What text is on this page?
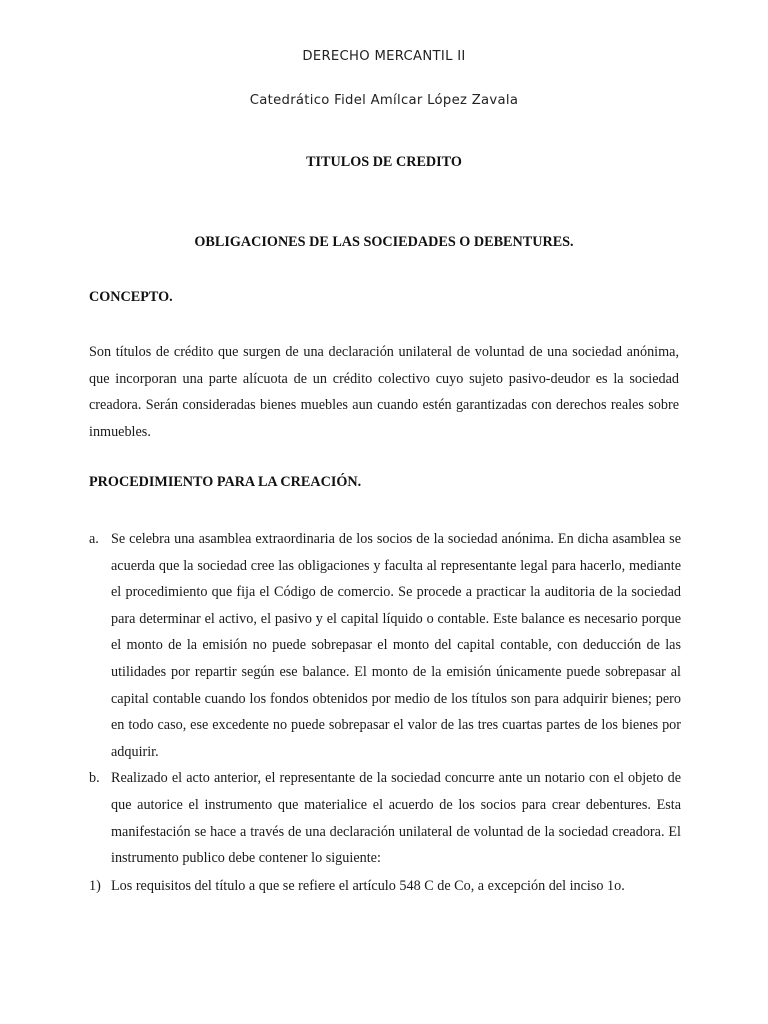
DERECHO MERCANTIL II
Catedrático Fidel Amílcar López Zavala
TITULOS DE CREDITO
OBLIGACIONES DE LAS SOCIEDADES O DEBENTURES.
CONCEPTO.
Son títulos de crédito que surgen de una declaración unilateral de voluntad de una sociedad anónima, que incorporan una parte alícuota de un crédito colectivo cuyo sujeto pasivo-deudor es la sociedad creadora. Serán consideradas bienes muebles aun cuando estén garantizadas con derechos reales sobre inmuebles.
PROCEDIMIENTO PARA LA CREACIÓN.
a. Se celebra una asamblea extraordinaria de los socios de la sociedad anónima. En dicha asamblea se acuerda que la sociedad cree las obligaciones y faculta al representante legal para hacerlo, mediante el procedimiento que fija el Código de comercio. Se procede a practicar la auditoria de la sociedad para determinar el activo, el pasivo y el capital líquido o contable. Este balance es necesario porque el monto de la emisión no puede sobrepasar el monto del capital contable, con deducción de las utilidades por repartir según ese balance. El monto de la emisión únicamente puede sobrepasar al capital contable cuando los fondos obtenidos por medio de los títulos son para adquirir bienes; pero en todo caso, ese excedente no puede sobrepasar el valor de las tres cuartas partes de los bienes por adquirir.
b. Realizado el acto anterior, el representante de la sociedad concurre ante un notario con el objeto de que autorice el instrumento que materialice el acuerdo de los socios para crear debentures. Esta manifestación se hace a través de una declaración unilateral de voluntad de la sociedad creadora. El instrumento publico debe contener lo siguiente:
1) Los requisitos del título a que se refiere el artículo 548 C de Co, a excepción del inciso 1o.
